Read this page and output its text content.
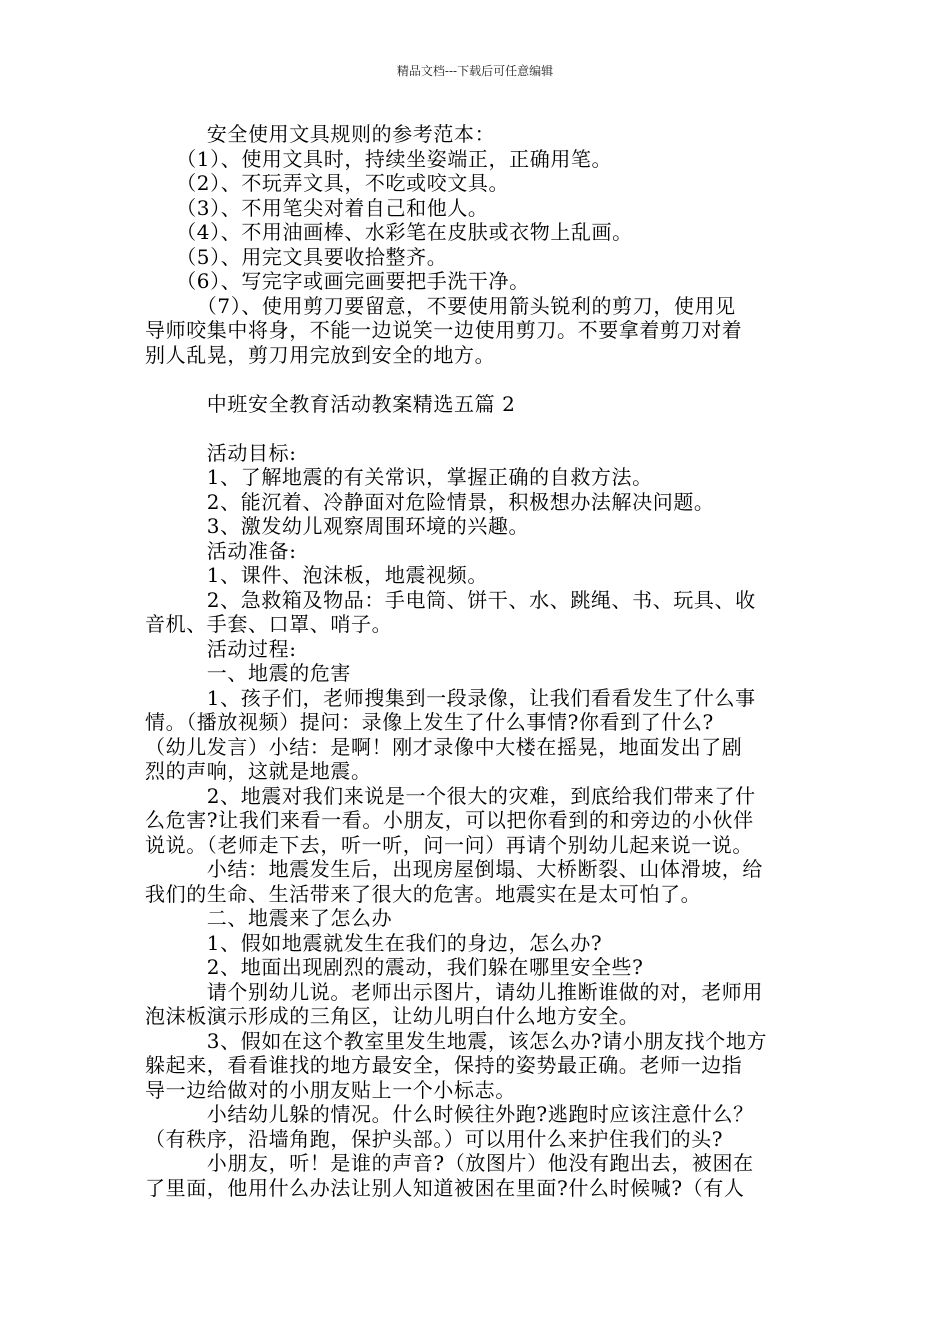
精品文档---下载后可任意编辑
　　　安全使用文具规则的参考范本：
　　（1）、使用文具时，持续坐姿端正，正确用笔。
　　（2）、不玩弄文具，不吃或咬文具。
　　（3）、不用笔尖对着自己和他人。
　　（4）、不用油画棒、水彩笔在皮肤或衣物上乱画。
　　（5）、用完文具要收拾整齐。
　　（6）、写完字或画完画要把手洗干净。
　　　（7）、使用剪刀要留意，不要使用箭头锐利的剪刀，使用见
导师咬集中将身，不能一边说笑一边使用剪刀。不要拿着剪刀对着
别人乱晃，剪刀用完放到安全的地方。
　　　中班安全教育活动教案精选五篇 2
　　　活动目标:
　　　1、了解地震的有关常识，掌握正确的自救方法。
　　　2、能沉着、冷静面对危险情景，积极想办法解决问题。
　　　3、激发幼儿观察周围环境的兴趣。
　　　活动准备:
　　　1、课件、泡沫板，地震视频。
　　　2、急救箱及物品：手电筒、饼干、水、跳绳、书、玩具、收
音机、手套、口罩、哨子。
　　　活动过程:
　　　一、地震的危害
　　　1、孩子们，老师搜集到一段录像，让我们看看发生了什么事
情。（播放视频）提问：录像上发生了什么事情?你看到了什么?
（幼儿发言）小结：是啊！刚才录像中大楼在摇晃，地面发出了剧
烈的声响，这就是地震。
　　　2、地震对我们来说是一个很大的灾难，到底给我们带来了什
么危害?让我们来看一看。小朋友，可以把你看到的和旁边的小伙伴
说说。（老师走下去，听一听，问一问）再请个别幼儿起来说一说。
　　　小结：地震发生后，出现房屋倒塌、大桥断裂、山体滑坡，给
我们的生命、生活带来了很大的危害。地震实在是太可怕了。
　　　二、地震来了怎么办
　　　1、假如地震就发生在我们的身边，怎么办?
　　　2、地面出现剧烈的震动，我们躲在哪里安全些?
　　　请个别幼儿说。老师出示图片，请幼儿推断谁做的对，老师用
泡沫板演示形成的三角区，让幼儿明白什么地方安全。
　　　3、假如在这个教室里发生地震，该怎么办?请小朋友找个地方
躲起来，看看谁找的地方最安全，保持的姿势最正确。老师一边指
导一边给做对的小朋友贴上一个小标志。
　　　小结幼儿躲的情况。什么时候往外跑?逃跑时应该注意什么？
（有秩序，沿墙角跑，保护头部。）可以用什么来护住我们的头?
　　　小朋友，听！是谁的声音?（放图片）他没有跑出去，被困在
了里面，他用什么办法让别人知道被困在里面?什么时候喊?（有人
